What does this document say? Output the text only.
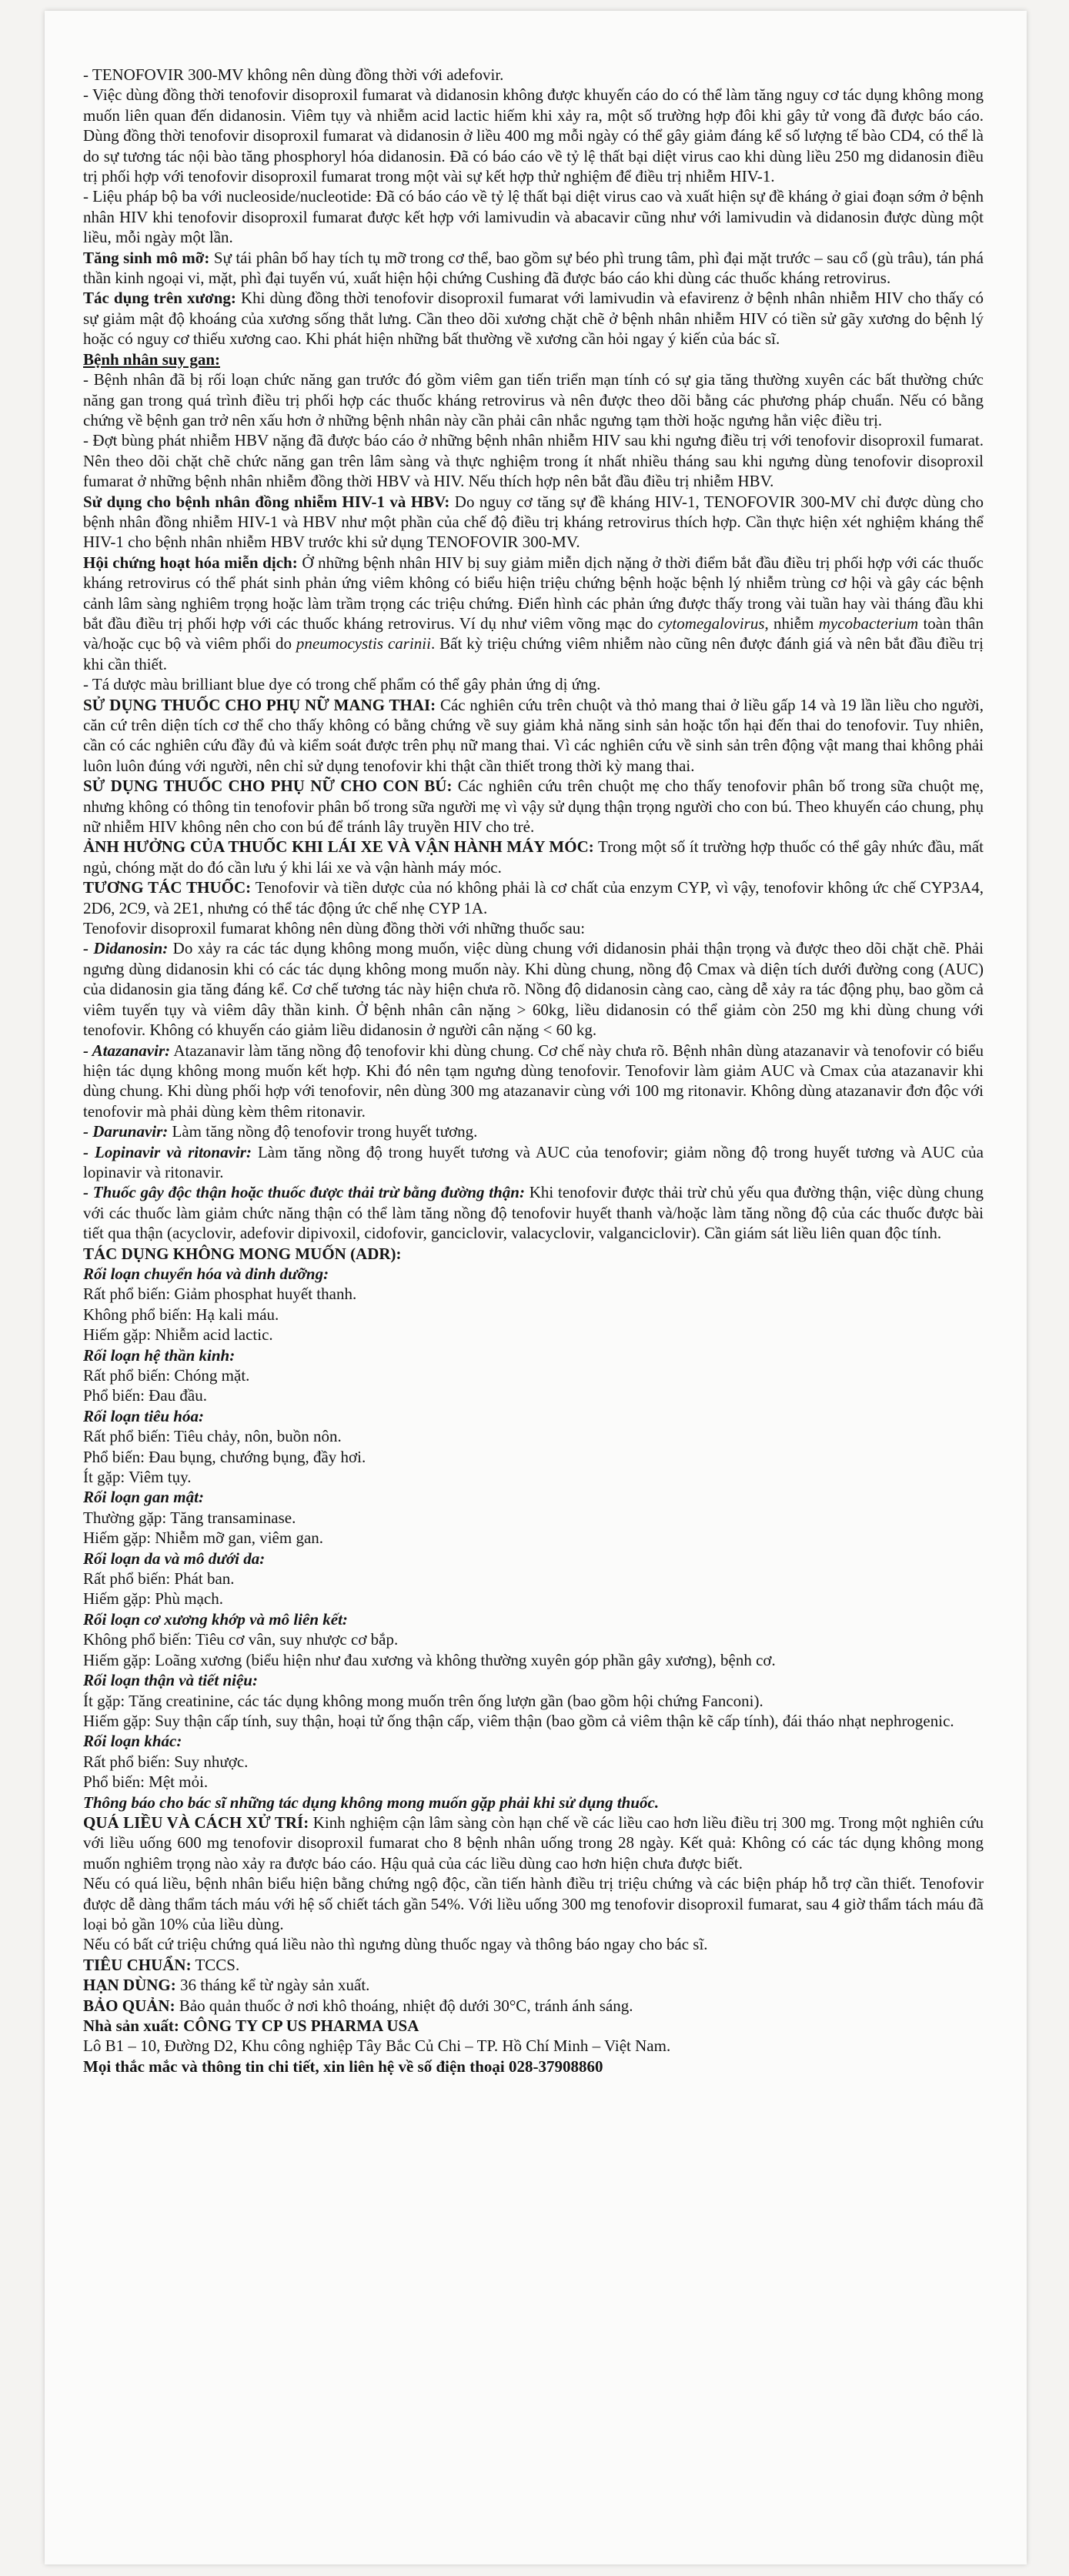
- TENOFOVIR 300-MV không nên dùng đồng thời với adefovir.

- Việc dùng đồng thời tenofovir disoproxil fumarat và didanosin không được khuyến cáo do có thể làm tăng nguy cơ tác dụng không mong muốn liên quan đến didanosin. Viêm tụy và nhiễm acid lactic hiếm khi xảy ra, một số trường hợp đôi khi gây tử vong đã được báo cáo. Dùng đồng thời tenofovir disoproxil fumarat và didanosin ở liều 400 mg mỗi ngày có thể gây giảm đáng kể số lượng tế bào CD4, có thể là do sự tương tác nội bào tăng phosphoryl hóa didanosin. Đã có báo cáo về tỷ lệ thất bại diệt virus cao khi dùng liều 250 mg didanosin điều trị phối hợp với tenofovir disoproxil fumarat trong một vài sự kết hợp thử nghiệm để điều trị nhiễm HIV-1.

- Liệu pháp bộ ba với nucleoside/nucleotide: Đã có báo cáo về tỷ lệ thất bại diệt virus cao và xuất hiện sự đề kháng ở giai đoạn sớm ở bệnh nhân HIV khi tenofovir disoproxil fumarat được kết hợp với lamivudin và abacavir cũng như với lamivudin và didanosin được dùng một liều, mỗi ngày một lần.

Tăng sinh mô mỡ: Sự tái phân bố hay tích tụ mỡ trong cơ thể, bao gồm sự béo phì trung tâm, phì đại mặt trước – sau cổ (gù trâu), tán phá thần kinh ngoại vi, mặt, phì đại tuyến vú, xuất hiện hội chứng Cushing đã được báo cáo khi dùng các thuốc kháng retrovirus.

Tác dụng trên xương: Khi dùng đồng thời tenofovir disoproxil fumarat với lamivudin và efavirenz ở bệnh nhân nhiễm HIV cho thấy có sự giảm mật độ khoáng của xương sống thắt lưng. Cần theo dõi xương chặt chẽ ở bệnh nhân nhiễm HIV có tiền sử gãy xương do bệnh lý hoặc có nguy cơ thiếu xương cao. Khi phát hiện những bất thường về xương cần hỏi ngay ý kiến của bác sĩ.

Bệnh nhân suy gan:

- Bệnh nhân đã bị rối loạn chức năng gan trước đó gồm viêm gan tiến triển mạn tính có sự gia tăng thường xuyên các bất thường chức năng gan trong quá trình điều trị phối hợp các thuốc kháng retrovirus và nên được theo dõi bằng các phương pháp chuẩn. Nếu có bằng chứng về bệnh gan trở nên xấu hơn ở những bệnh nhân này cần phải cân nhắc ngưng tạm thời hoặc ngưng hẳn việc điều trị.

- Đợt bùng phát nhiễm HBV nặng đã được báo cáo ở những bệnh nhân nhiễm HIV sau khi ngưng điều trị với tenofovir disoproxil fumarat. Nên theo dõi chặt chẽ chức năng gan trên lâm sàng và thực nghiệm trong ít nhất nhiều tháng sau khi ngưng dùng tenofovir disoproxil fumarat ở những bệnh nhân nhiễm đồng thời HBV và HIV. Nếu thích hợp nên bắt đầu điều trị nhiễm HBV.

Sử dụng cho bệnh nhân đồng nhiễm HIV-1 và HBV: Do nguy cơ tăng sự đề kháng HIV-1, TENOFOVIR 300-MV chỉ được dùng cho bệnh nhân đồng nhiễm HIV-1 và HBV như một phần của chế độ điều trị kháng retrovirus thích hợp. Cần thực hiện xét nghiệm kháng thể HIV-1 cho bệnh nhân nhiễm HBV trước khi sử dụng TENOFOVIR 300-MV.

Hội chứng hoạt hóa miễn dịch: Ở những bệnh nhân HIV bị suy giảm miễn dịch nặng ở thời điểm bắt đầu điều trị phối hợp với các thuốc kháng retrovirus có thể phát sinh phản ứng viêm không có biểu hiện triệu chứng bệnh hoặc bệnh lý nhiễm trùng cơ hội và gây các bệnh cảnh lâm sàng nghiêm trọng hoặc làm trầm trọng các triệu chứng. Điển hình các phản ứng được thấy trong vài tuần hay vài tháng đầu khi bắt đầu điều trị phối hợp với các thuốc kháng retrovirus. Ví dụ như viêm võng mạc do cytomegalovirus, nhiễm mycobacterium toàn thân và/hoặc cục bộ và viêm phổi do pneumocystis carinii. Bất kỳ triệu chứng viêm nhiễm nào cũng nên được đánh giá và nên bắt đầu điều trị khi cần thiết.

- Tá dược màu brilliant blue dye có trong chế phẩm có thể gây phản ứng dị ứng.

SỬ DỤNG THUỐC CHO PHỤ NỮ MANG THAI: Các nghiên cứu trên chuột và thỏ mang thai ở liều gấp 14 và 19 lần liều cho người, căn cứ trên diện tích cơ thể cho thấy không có bằng chứng về suy giảm khả năng sinh sản hoặc tổn hại đến thai do tenofovir. Tuy nhiên, cần có các nghiên cứu đầy đủ và kiểm soát được trên phụ nữ mang thai. Vì các nghiên cứu về sinh sản trên động vật mang thai không phải luôn luôn đúng với người, nên chỉ sử dụng tenofovir khi thật cần thiết trong thời kỳ mang thai.

SỬ DỤNG THUỐC CHO PHỤ NỮ CHO CON BÚ: Các nghiên cứu trên chuột mẹ cho thấy tenofovir phân bố trong sữa chuột mẹ, nhưng không có thông tin tenofovir phân bố trong sữa người mẹ vì vậy sử dụng thận trọng người cho con bú. Theo khuyến cáo chung, phụ nữ nhiễm HIV không nên cho con bú để tránh lây truyền HIV cho trẻ.

ẢNH HƯỞNG CỦA THUỐC KHI LÁI XE VÀ VẬN HÀNH MÁY MÓC: Trong một số ít trường hợp thuốc có thể gây nhức đầu, mất ngủ, chóng mặt do đó cần lưu ý khi lái xe và vận hành máy móc.

TƯƠNG TÁC THUỐC: Tenofovir và tiền dược của nó không phải là cơ chất của enzym CYP, vì vậy, tenofovir không ức chế CYP3A4, 2D6, 2C9, và 2E1, nhưng có thể tác động ức chế nhẹ CYP 1A.

Tenofovir disoproxil fumarat không nên dùng đồng thời với những thuốc sau:

- Didanosin: Do xảy ra các tác dụng không mong muốn, việc dùng chung với didanosin phải thận trọng và được theo dõi chặt chẽ. Phải ngưng dùng didanosin khi có các tác dụng không mong muốn này. Khi dùng chung, nồng độ Cmax và diện tích dưới đường cong (AUC) của didanosin gia tăng đáng kể. Cơ chế tương tác này hiện chưa rõ. Nồng độ didanosin càng cao, càng dễ xảy ra tác động phụ, bao gồm cả viêm tuyến tụy và viêm dây thần kinh. Ở bệnh nhân cân nặng > 60kg, liều didanosin có thể giảm còn 250 mg khi dùng chung với tenofovir. Không có khuyến cáo giảm liều didanosin ở người cân nặng < 60 kg.

- Atazanavir: Atazanavir làm tăng nồng độ tenofovir khi dùng chung. Cơ chế này chưa rõ. Bệnh nhân dùng atazanavir và tenofovir có biểu hiện tác dụng không mong muốn kết hợp. Khi đó nên tạm ngưng dùng tenofovir. Tenofovir làm giảm AUC và Cmax của atazanavir khi dùng chung. Khi dùng phối hợp với tenofovir, nên dùng 300 mg atazanavir cùng với 100 mg ritonavir. Không dùng atazanavir đơn độc với tenofovir mà phải dùng kèm thêm ritonavir.

- Darunavir: Làm tăng nồng độ tenofovir trong huyết tương.

- Lopinavir và ritonavir: Làm tăng nồng độ trong huyết tương và AUC của tenofovir; giảm nồng độ trong huyết tương và AUC của lopinavir và ritonavir.

- Thuốc gây độc thận hoặc thuốc được thải trừ bằng đường thận: Khi tenofovir được thải trừ chủ yếu qua đường thận, việc dùng chung với các thuốc làm giảm chức năng thận có thể làm tăng nồng độ tenofovir huyết thanh và/hoặc làm tăng nồng độ của các thuốc được bài tiết qua thận (acyclovir, adefovir dipivoxil, cidofovir, ganciclovir, valacyclovir, valganciclovir). Cần giám sát liều liên quan độc tính.

TÁC DỤNG KHÔNG MONG MUỐN (ADR):

Rối loạn chuyển hóa và dinh dưỡng:

Rất phổ biến: Giảm phosphat huyết thanh.

Không phổ biến: Hạ kali máu.

Hiếm gặp: Nhiễm acid lactic.

Rối loạn hệ thần kinh:

Rất phổ biến: Chóng mặt.

Phổ biến: Đau đầu.

Rối loạn tiêu hóa:

Rất phổ biến: Tiêu chảy, nôn, buồn nôn.

Phổ biến: Đau bụng, chướng bụng, đầy hơi.

Ít gặp: Viêm tụy.

Rối loạn gan mật:

Thường gặp: Tăng transaminase.

Hiếm gặp: Nhiễm mỡ gan, viêm gan.

Rối loạn da và mô dưới da:

Rất phổ biến: Phát ban.

Hiếm gặp: Phù mạch.

Rối loạn cơ xương khớp và mô liên kết:

Không phổ biến: Tiêu cơ vân, suy nhược cơ bắp.

Hiếm gặp: Loãng xương (biểu hiện như đau xương và không thường xuyên góp phần gây xương), bệnh cơ.

Rối loạn thận và tiết niệu:

Ít gặp: Tăng creatinine, các tác dụng không mong muốn trên ống lượn gần (bao gồm hội chứng Fanconi).

Hiếm gặp: Suy thận cấp tính, suy thận, hoại tử ống thận cấp, viêm thận (bao gồm cả viêm thận kẽ cấp tính), đái tháo nhạt nephrogenic.

Rối loạn khác:

Rất phổ biến: Suy nhược.

Phổ biến: Mệt mỏi.

Thông báo cho bác sĩ những tác dụng không mong muốn gặp phải khi sử dụng thuốc.

QUÁ LIỀU VÀ CÁCH XỬ TRÍ: Kinh nghiệm cận lâm sàng còn hạn chế về các liều cao hơn liều điều trị 300 mg. Trong một nghiên cứu với liều uống 600 mg tenofovir disoproxil fumarat cho 8 bệnh nhân uống trong 28 ngày. Kết quả: Không có các tác dụng không mong muốn nghiêm trọng nào xảy ra được báo cáo. Hậu quả của các liều dùng cao hơn hiện chưa được biết.

Nếu có quá liều, bệnh nhân biểu hiện bằng chứng ngộ độc, cần tiến hành điều trị triệu chứng và các biện pháp hỗ trợ cần thiết. Tenofovir được dễ dàng thẩm tách máu với hệ số chiết tách gần 54%. Với liều uống 300 mg tenofovir disoproxil fumarat, sau 4 giờ thẩm tách máu đã loại bỏ gần 10% của liều dùng.

Nếu có bất cứ triệu chứng quá liều nào thì ngưng dùng thuốc ngay và thông báo ngay cho bác sĩ.

TIÊU CHUẨN: TCCS.

HẠN DÙNG: 36 tháng kể từ ngày sản xuất.

BẢO QUẢN: Bảo quản thuốc ở nơi khô thoáng, nhiệt độ dưới 30°C, tránh ánh sáng.

Nhà sản xuất: CÔNG TY CP US PHARMA USA

Lô B1 – 10, Đường D2, Khu công nghiệp Tây Bắc Củ Chi – TP. Hồ Chí Minh – Việt Nam.

Mọi thắc mắc và thông tin chi tiết, xin liên hệ về số điện thoại 028-37908860
